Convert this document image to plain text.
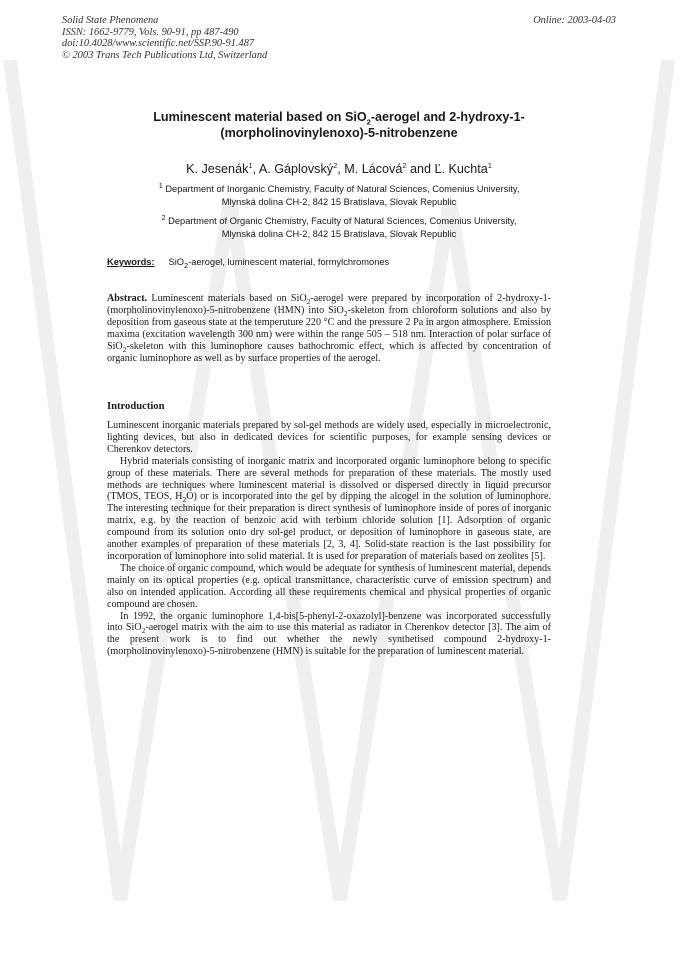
Solid State Phenomena
ISSN: 1662-9779, Vols. 90-91, pp 487-490
doi:10.4028/www.scientific.net/SSP.90-91.487
© 2003 Trans Tech Publications Ltd, Switzerland
Online: 2003-04-03
Luminescent material based on SiO$_2$-aerogel and 2-hydroxy-1-
(morpholinovinylenoxo)-5-nitrobenzene
K. Jesenák$^1$, A. Gáplovský$^2$, M. Lácová$^2$ and Ľ. Kuchta$^1$
$^1$ Department of Inorganic Chemistry, Faculty of Natural Sciences, Comenius University,
Mlynská dolina CH-2, 842 15 Bratislava, Slovak Republic
$^2$ Department of Organic Chemistry, Faculty of Natural Sciences, Comenius University,
Mlynská dolina CH-2, 842 15 Bratislava, Slovak Republic
Keywords: SiO$_2$-aerogel, luminescent material, formylchromones

Abstract. Luminescent materials based on SiO$_2$-aerogel were prepared by incorporation of 2-hydroxy-1-(morpholinovinylenoxo)-5-nitrobenzene (HMN) into SiO$_2$-skeleton from chloroform solutions and also by deposition from gaseous state at the temperuture 220 °C and the pressure 2 Pa in argon atmosphere. Emission maxima (excitation wavelength 300 nm) were within the range 505 – 518 nm. Interaction of polar surface of SiO$_2$-skeleton with this luminophore causes bathochromic effect, which is affected by concentration of organic luminophore as well as by surface properties of the aerogel.

Introduction

Luminescent inorganic materials prepared by sol-gel methods are widely used, especially in microelectronic, lighting devices, but also in dedicated devices for scientific purposes, for example sensing devices or Cherenkov detectors.

Hybrid materials consisting of inorganic matrix and incorporated organic luminophore belong to specific group of these materials. There are several methods for preparation of these materials. The mostly used methods are techniques where luminescent material is dissolved or dispersed directly in liquid precursor (TMOS, TEOS, $H_2O$) or is incorporated into the gel by dipping the alcogel in the solution of luminophore. The interesting technique for their preparation is direct synthesis of luminophore inside of pores of inorganic matrix, e.g. by the reaction of benzoic acid with terbium chloride solution [1]. Adsorption of organic compound from its solution onto dry sol-gel product, or deposition of luminophore in gaseous state, are another examples of preparation of these materials [2, 3, 4]. Solid-state reaction is the last possibility for incorporation of luminophore into solid material. It is used for preparation of materials based on zeolites [5].

The choice of organic compound, which would be adequate for synthesis of luminescent material, depends mainly on its optical properties (e.g. optical transmittance, characteristic curve of emission spectrum) and also on intended application. According all these requirements chemical and physical properties of organic compound are chosen.

In 1992, the organic luminophore 1,4-bis[5-phenyl-2-oxazolyl]-benzene was incorporated successfully into SiO$_2$-aerogel matrix with the aim to use this material as radiator in Cherenkov detector [3]. The aim of the present work is to find out whether the newly synthetised compound 2-hydroxy-1-(morpholinovinylenoxo)-5-nitrobenzene (HMN) is suitable for the preparation of luminescent material.
